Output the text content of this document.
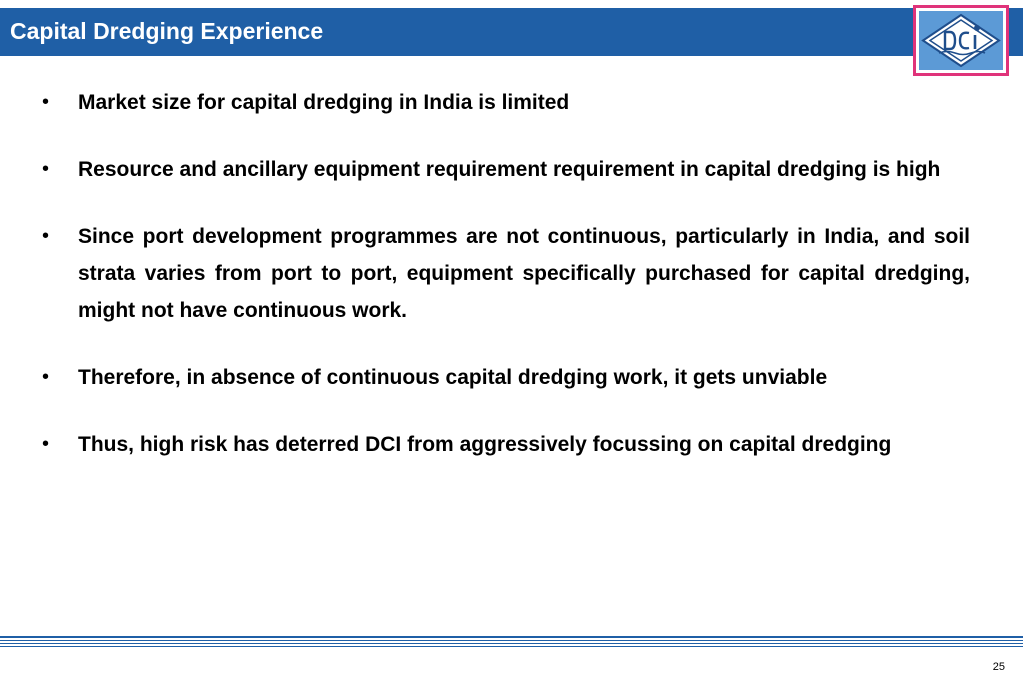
Capital Dredging Experience
• Market size for capital dredging in India is limited
• Resource and ancillary equipment requirement requirement in capital dredging is high
• Since port development programmes are not continuous, particularly in India, and soil strata varies from port to port, equipment specifically purchased for capital dredging, might not have continuous work.
• Therefore, in absence of continuous capital dredging work, it gets unviable
• Thus, high risk has deterred DCI from aggressively focussing on capital dredging
25
